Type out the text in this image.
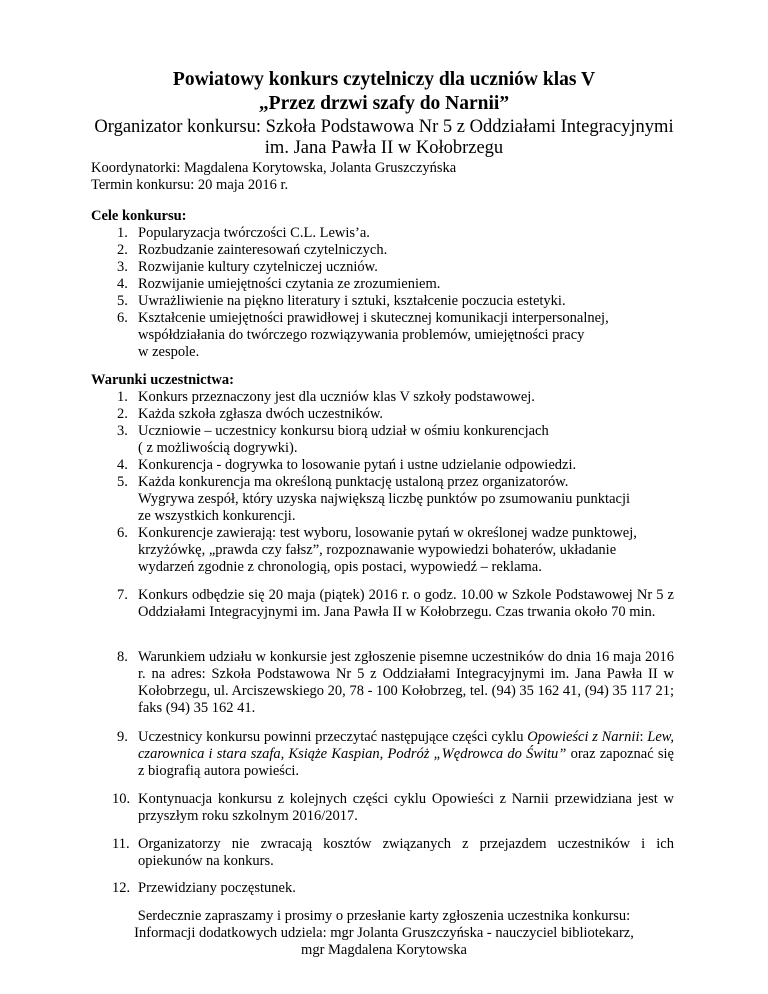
Powiatowy konkurs czytelniczy dla uczniów klas V
„Przez drzwi szafy do Narnii”
Organizator konkursu: Szkoła Podstawowa Nr 5 z Oddziałami Integracyjnymi
im. Jana Pawła II w Kołobrzegu
Koordynatorki: Magdalena Korytowska, Jolanta Gruszczyńska
Termin konkursu: 20 maja 2016 r.
Cele konkursu:
1. Popularyzacja twórczości C.L. Lewis’a.
2. Rozbudzanie zainteresowań czytelniczych.
3. Rozwijanie kultury czytelniczej uczniów.
4. Rozwijanie umiejętności czytania ze zrozumieniem.
5. Uwrażliwienie na piękno literatury i sztuki, kształcenie poczucia estetyki.
6. Kształcenie umiejętności prawidłowej i skutecznej komunikacji interpersonalnej,
współdziałania do twórczego rozwiązywania problemów, umiejętności pracy
w zespole.
Warunki uczestnictwa:
1. Konkurs przeznaczony jest dla uczniów klas V szkoły podstawowej.
2. Każda szkoła zgłasza dwóch uczestników.
3. Uczniowie – uczestnicy konkursu biorą udział w ośmiu konkurencjach
( z możliwością dogrywki).
4. Konkurencja - dogrywka to losowanie pytań i ustne udzielanie odpowiedzi.
5. Każda konkurencja ma określoną punktację ustaloną przez organizatorów.
Wygrywa zespół, który uzyska największą liczbę punktów po zsumowaniu punktacji
ze wszystkich konkurencji.
6. Konkurencje zawierają: test wyboru, losowanie pytań w określonej wadze punktowej,
krzyżówkę, „prawda czy fałsz”, rozpoznawanie wypowiedzi bohaterów, układanie
wydarzeń zgodnie z chronologią, opis postaci, wypowiedź – reklama.
7. Konkurs odbędzie się 20 maja (piątek) 2016 r. o godz. 10.00 w Szkole Podstawowej Nr 5 z Oddziałami Integracyjnymi im. Jana Pawła II w Kołobrzegu. Czas trwania około 70 min.
8. Warunkiem udziału w konkursie jest zgłoszenie pisemne uczestników do dnia 16 maja 2016 r. na adres: Szkoła Podstawowa Nr 5 z Oddziałami Integracyjnymi im. Jana Pawła II w Kołobrzegu, ul. Arciszewskiego 20, 78 - 100 Kołobrzeg, tel. (94) 35 162 41, (94) 35 117 21; faks (94) 35 162 41.
9. Uczestnicy konkursu powinni przeczytać następujące części cyklu Opowieści z Narnii: Lew, czarownica i stara szafa, Książe Kaspian, Podróż „Wędrowca do Świtu” oraz zapoznać się z biografią autora powieści.
10. Kontynuacja konkursu z kolejnych części cyklu Opowieści z Narnii przewidziana jest w przyszłym roku szkolnym 2016/2017.
11. Organizatorzy nie zwracają kosztów związanych z przejazdem uczestników i ich opiekunów na konkurs.
12. Przewidziany poczęstunek.
Serdecznie zapraszamy i prosimy o przesłanie karty zgłoszenia uczestnika konkursu:
Informacji dodatkowych udziela: mgr Jolanta Gruszczyńska - nauczyciel bibliotekarz,
mgr Magdalena Korytowska
